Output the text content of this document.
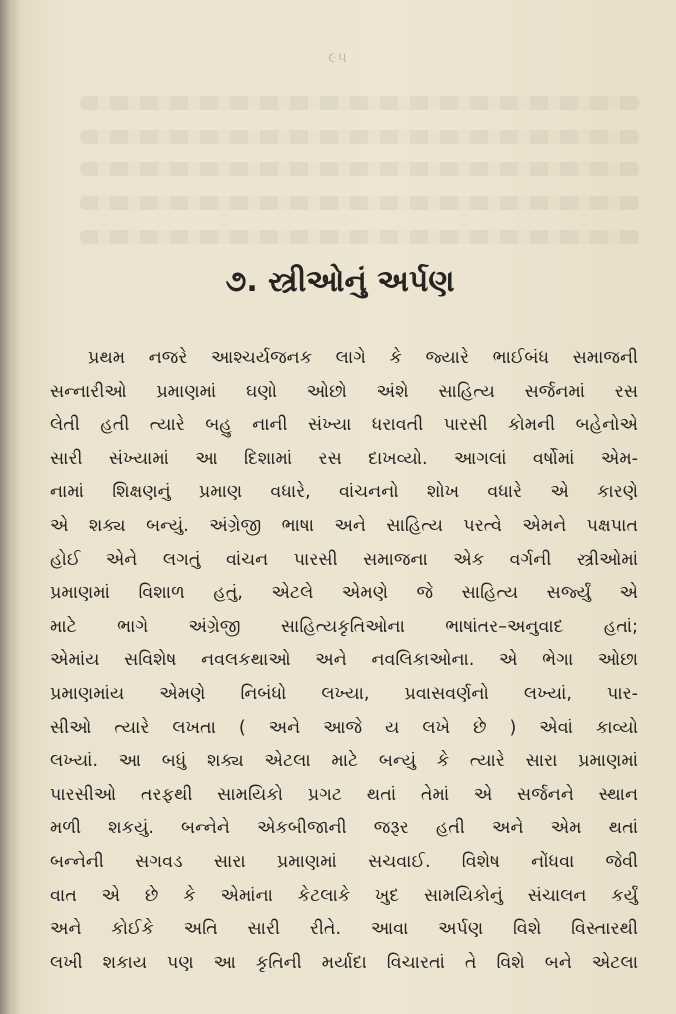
૯૫
૭. સ્ત્રીઓનું અર્પણ
પ્રથમ નજરે આશ્ચર્યજનક લાગે કે જ્યારે ભાઈબંધ સમાજની
સન્નારીઓ પ્રમાણમાં ઘણો ઓછો અંશે સાહિત્ય સર્જનમાં રસ
લેતી હતી ત્યારે બહુ નાની સંખ્યા ધરાવતી પારસી કોમની બહેનોએ
સારી સંખ્યામાં આ દિશામાં રસ દાખવ્યો. આગલાં વર્ષોમાં એમ-
નામાં શિક્ષણનું પ્રમાણ વધારે, વાંચનનો શોખ વધારે એ કારણે
એ શક્ય બન્યું. અંગ્રેજી ભાષા અને સાહિત્ય પરત્વે એમને પક્ષપાત
હોઈ એને લગતું વાંચન પારસી સમાજના એક વર્ગની સ્ત્રીઓમાં
પ્રમાણમાં વિશાળ હતું, એટલે એમણે જે સાહિત્ય સર્જ્યું એ
માટે ભાગે અંગ્રેજી સાહિત્યકૃતિઓના ભાષાંતર–અનુવાદ હતાં;
એમાંય સવિશેષ નવલકથાઓ અને નવલિકાઓના. એ ભેગા ઓછા
પ્રમાણમાંય એમણે નિબંધો લખ્યા, પ્રવાસવર્ણનો લખ્યાં, પાર-
સીઓ ત્યારે લખતા ( અને આજે ય લખે છે ) એવાં કાવ્યો
લખ્યાં. આ બધું શક્ય એટલા માટે બન્યું કે ત્યારે સારા પ્રમાણમાં
પારસીઓ તરફથી સામયિકો પ્રગટ થતાં તેમાં એ સર્જનને સ્થાન
મળી શકયું. બન્નેને એકબીજાની જરૂર હતી અને એમ થતાં
બન્નેની સગવડ સારા પ્રમાણમાં સચવાઈ. વિશેષ નોંધવા જેવી
વાત એ છે કે એમાંના કેટલાકે ખુદ સામયિકોનું સંચાલન કર્યું
અને કોઈકે અતિ સારી રીતે. આવા અર્પણ વિશે વિસ્તારથી
લખી શકાય પણ આ કૃતિની મર્યાદા વિચારતાં તે વિશે બને એટલા
